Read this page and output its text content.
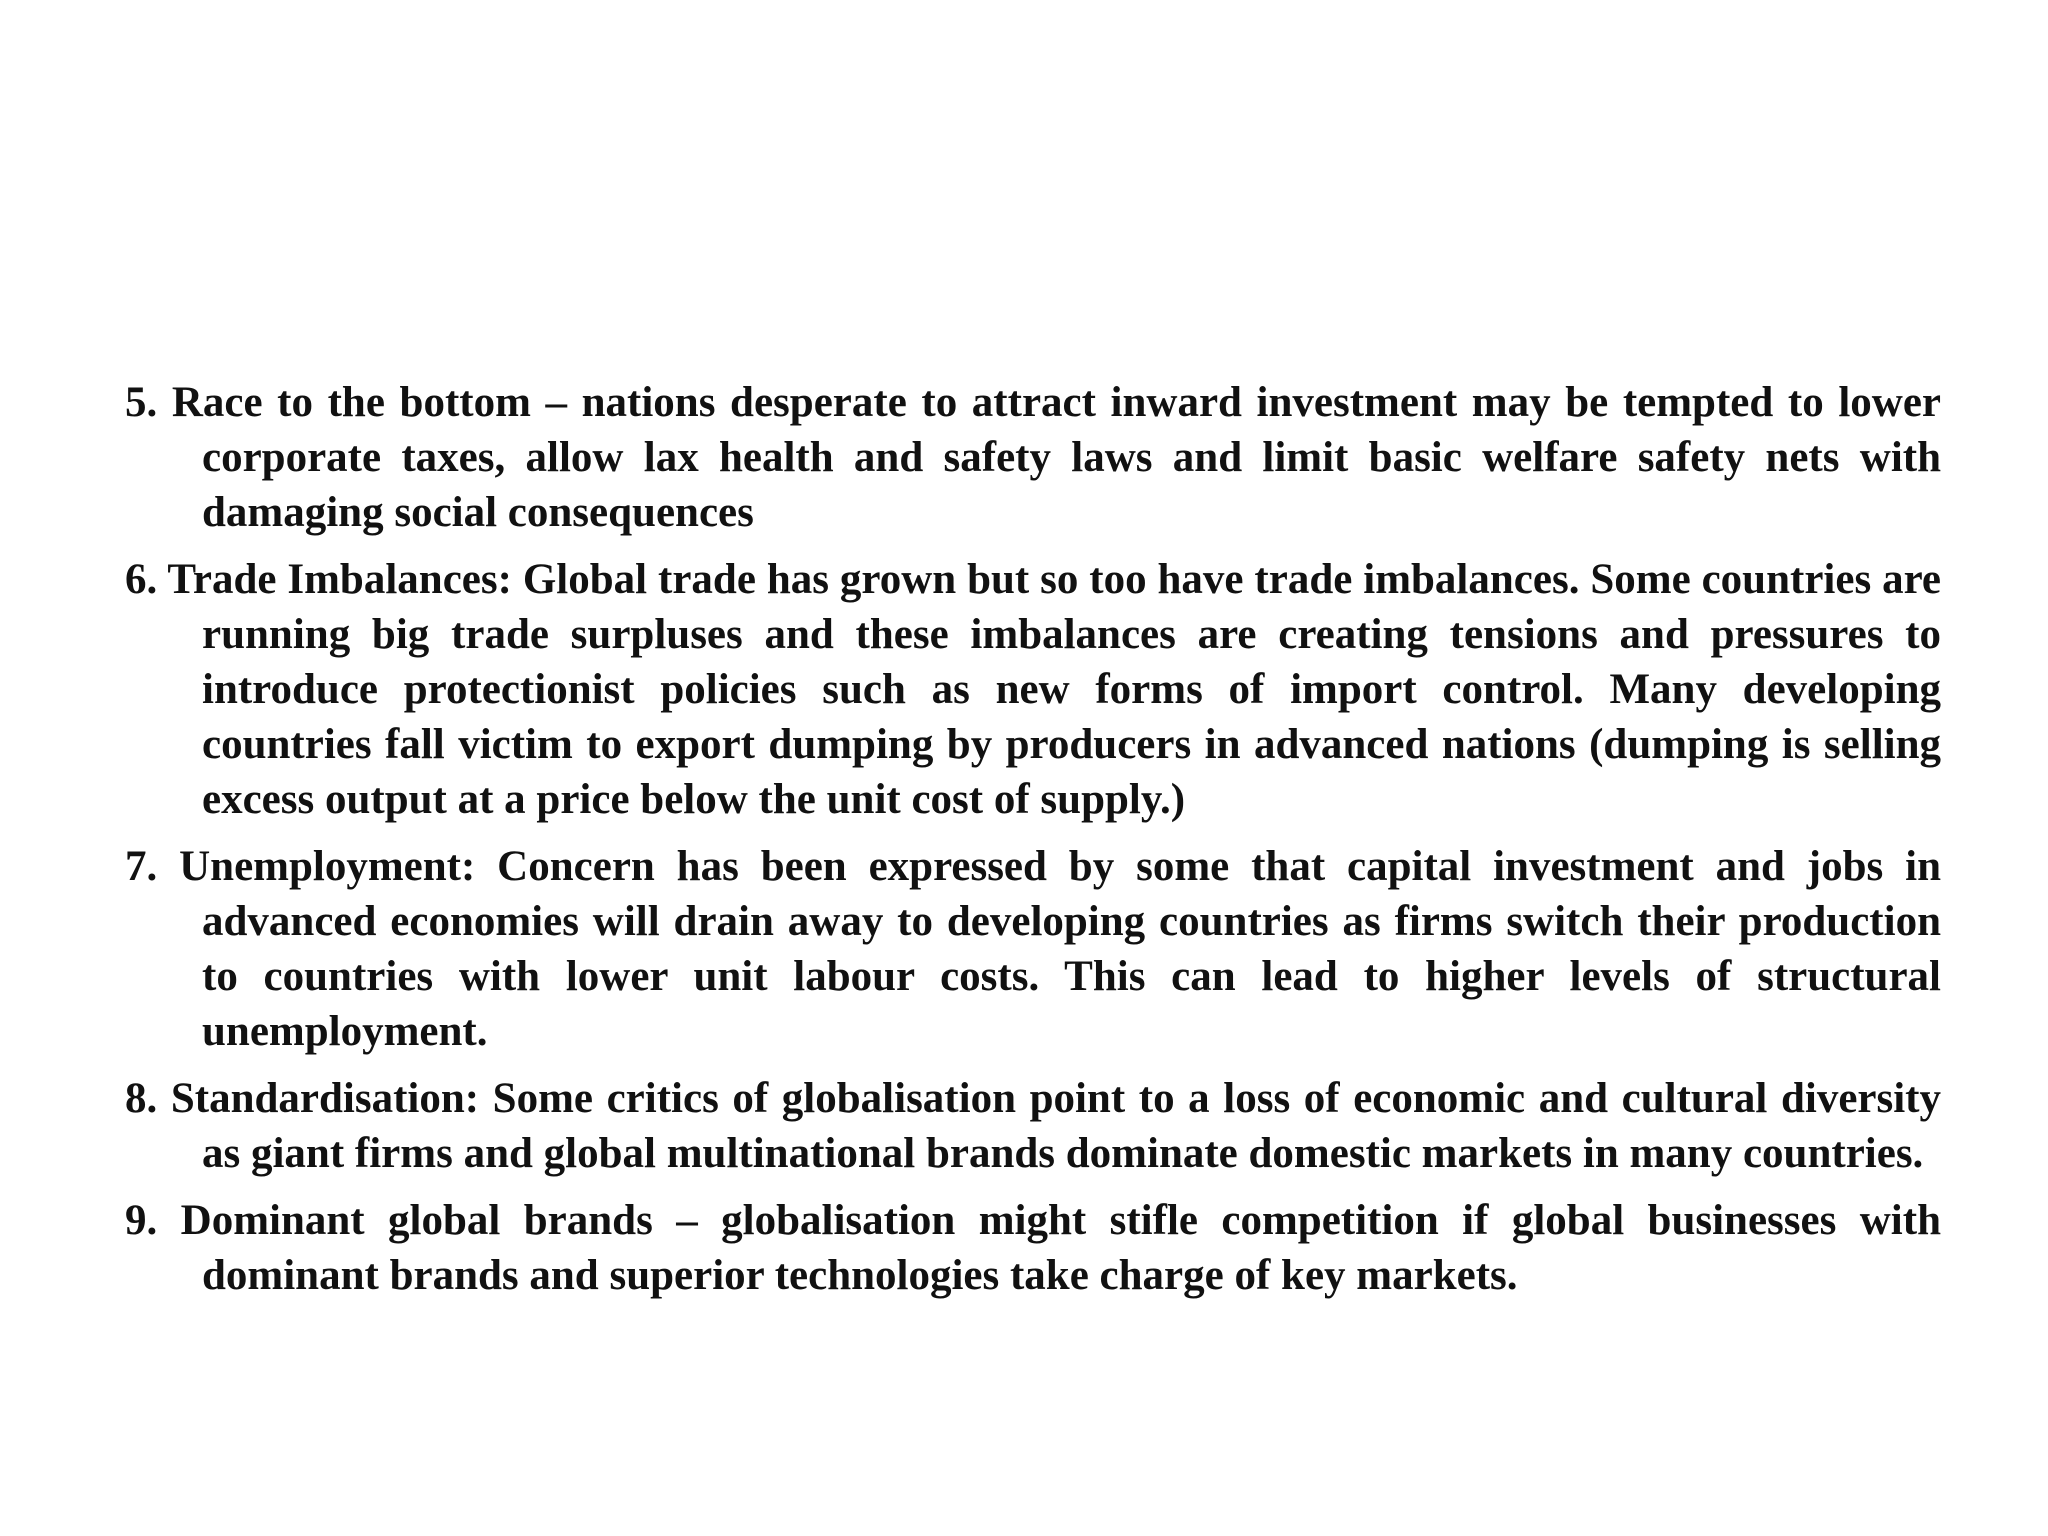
5. Race to the bottom – nations desperate to attract inward investment may be tempted to lower corporate taxes, allow lax health and safety laws and limit basic welfare safety nets with damaging social consequences
6. Trade Imbalances: Global trade has grown but so too have trade imbalances. Some countries are running big trade surpluses and these imbalances are creating tensions and pressures to introduce protectionist policies such as new forms of import control. Many developing countries fall victim to export dumping by producers in advanced nations (dumping is selling excess output at a price below the unit cost of supply.)
7. Unemployment: Concern has been expressed by some that capital investment and jobs in advanced economies will drain away to developing countries as firms switch their production to countries with lower unit labour costs. This can lead to higher levels of structural unemployment.
8. Standardisation: Some critics of globalisation point to a loss of economic and cultural diversity as giant firms and global multinational brands dominate domestic markets in many countries.
9. Dominant global brands – globalisation might stifle competition if global businesses with dominant brands and superior technologies take charge of key markets.
